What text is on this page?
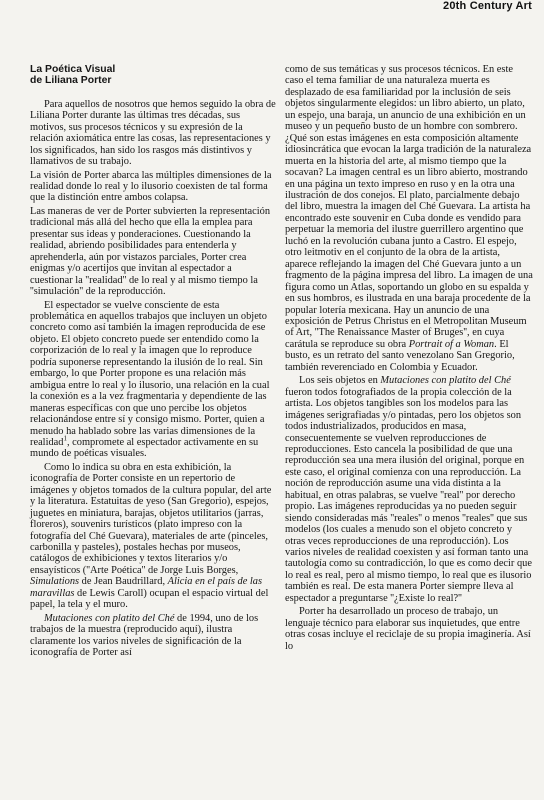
20th Century Art
La Poética Visual
de Liliana Porter

Para aquellos de nosotros que hemos seguido la obra de Liliana Porter durante las últimas tres décadas, sus motivos, sus procesos técnicos y su expresión de la relación axiomática entre las cosas, las representaciones y los significados, han sido los rasgos más distintivos y llamativos de su trabajo.

La visión de Porter abarca las múltiples dimensiones de la realidad donde lo real y lo ilusorio coexisten de tal forma que la distinción entre ambos colapsa.

Las maneras de ver de Porter subvierten la representación tradicional más allá del hecho que ella la emplea para presentar sus ideas y ponderaciones. Cuestionando la realidad, abriendo posibilidades para entenderla y aprehenderla, aún por vistazos parciales, Porter crea enigmas y/o acertijos que invitan al espectador a cuestionar la ''realidad'' de lo real y al mismo tiempo la ''simulación'' de la reproducción.

El espectador se vuelve consciente de esta problemática en aquellos trabajos que incluyen un objeto concreto como así también la imagen reproducida de ese objeto. El objeto concreto puede ser entendido como la corporización de lo real y la imagen que lo reproduce podría suponerse representando la ilusión de lo real. Sin embargo, lo que Porter propone es una relación más ambigua entre lo real y lo ilusorio, una relación en la cual la conexión es a la vez fragmentaria y dependiente de las maneras específicas con que uno percibe los objetos relacionándose entre sí y consigo mismo. Porter, quien a menudo ha hablado sobre las varias dimensiones de la realidad$^1$, compromete al espectador activamente en su mundo de poéticas visuales.

Como lo indica su obra en esta exhibición, la iconografía de Porter consiste en un repertorio de imágenes y objetos tomados de la cultura popular, del arte y la literatura. Estatuitas de yeso (San Gregorio), espejos, juguetes en miniatura, barajas, objetos utilitarios (jarras, floreros), souvenirs turísticos (plato impreso con la fotografía del Ché Guevara), materiales de arte (pinceles, carbonilla y pasteles), postales hechas por museos, catálogos de exhibiciones y textos literarios y/o ensayísticos (''Arte Poética'' de Jorge Luis Borges, Simulations de Jean Baudrillard, Alicia en el país de las maravillas de Lewis Caroll) ocupan el espacio virtual del papel, la tela y el muro.

Mutaciones con platito del Ché de 1994, uno de los trabajos de la muestra (reproducido aquí), ilustra claramente los varios niveles de significación de la iconografía de Porter así

como de sus temáticas y sus procesos técnicos. En este caso el tema familiar de una naturaleza muerta es desplazado de esa familiaridad por la inclusión de seis objetos singularmente elegidos: un libro abierto, un plato, un espejo, una baraja, un anuncio de una exhibición en un museo y un pequeño busto de un hombre con sombrero. ¿Qué son estas imágenes en esta composición altamente idiosincrática que evocan la larga tradición de la naturaleza muerta en la historia del arte, al mismo tiempo que la socavan? La imagen central es un libro abierto, mostrando en una página un texto impreso en ruso y en la otra una ilustración de dos conejos. El plato, parcialmente debajo del libro, muestra la imagen del Ché Guevara. La artista ha encontrado este souvenir en Cuba donde es vendido para perpetuar la memoria del ilustre guerrillero argentino que luchó en la revolución cubana junto a Castro. El espejo, otro leitmotiv en el conjunto de la obra de la artista, aparece reflejando la imagen del Ché Guevara junto a un fragmento de la página impresa del libro. La imagen de una figura como un Atlas, soportando un globo en su espalda y en sus hombros, es ilustrada en una baraja procedente de la popular lotería mexicana. Hay un anuncio de una exposición de Petrus Christus en el Metropolitan Museum of Art, ''The Renaissance Master of Bruges'', en cuya carátula se reproduce su obra Portrait of a Woman. El busto, es un retrato del santo venezolano San Gregorio, también reverenciado en Colombia y Ecuador.

Los seis objetos en Mutaciones con platito del Ché fueron todos fotografiados de la propia colección de la artista. Los objetos tangibles son los modelos para las imágenes serigrafiadas y/o pintadas, pero los objetos son todos industrializados, producidos en masa, consecuentemente se vuelven reproducciones de reproducciones. Esto cancela la posibilidad de que una reproducción sea una mera ilusión del original, porque en este caso, el original comienza con una reproducción. La noción de reproducción asume una vida distinta a la habitual, en otras palabras, se vuelve ''real'' por derecho propio. Las imágenes reproducidas ya no pueden seguir siendo consideradas más ''reales'' o menos ''reales'' que sus modelos (los cuales a menudo son el objeto concreto y otras veces reproducciones de una reproducción). Los varios niveles de realidad coexisten y así forman tanto una tautología como su contradicción, lo que es como decir que lo real es real, pero al mismo tiempo, lo real que es ilusorio también es real. De esta manera Porter siempre lleva al espectador a preguntarse ''¿Existe lo real?''

Porter ha desarrollado un proceso de trabajo, un lenguaje técnico para elaborar sus inquietudes, que entre otras cosas incluye el reciclaje de su propia imaginería. Así lo
